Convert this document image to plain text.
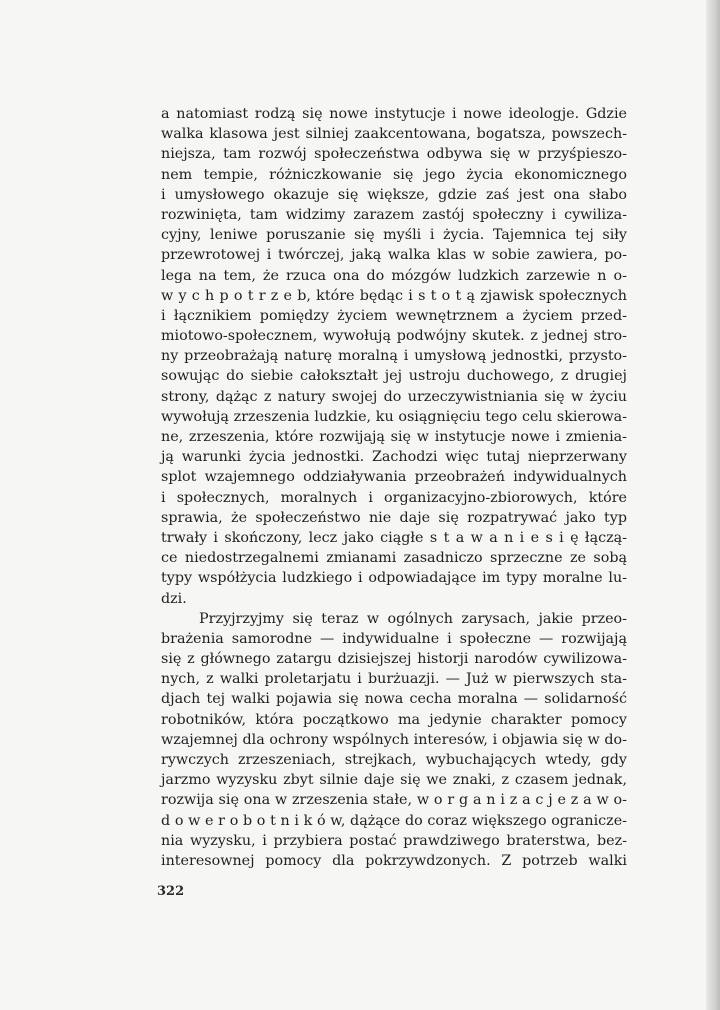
a natomiast rodzą się nowe instytucje i nowe ideologje. Gdzie
walka klasowa jest silniej zaakcentowana, bogatsza, powszech-
niejsza, tam rozwój społeczeństwa odbywa się w przyśpieszo-
nem tempie, różniczkowanie się jego życia ekonomicznego
i umysłowego okazuje się większe, gdzie zaś jest ona słabo
rozwinięta, tam widzimy zarazem zastój społeczny i cywiliza-
cyjny, leniwe poruszanie się myśli i życia. Tajemnica tej siły
przewrotowej i twórczej, jaką walka klas w sobie zawiera, po-
lega na tem, że rzuca ona do mózgów ludzkich zarzewie n o-
w y c h p o t r z e b, które będąc i s t o t ą zjawisk społecznych
i łącznikiem pomiędzy życiem wewnętrznem a życiem przed-
miotowo-społecznem, wywołują podwójny skutek. z jednej stro-
ny przeobrażają naturę moralną i umysłową jednostki, przysto-
sowując do siebie całokształt jej ustroju duchowego, z drugiej
strony, dążąc z natury swojej do urzeczywistniania się w życiu
wywołują zrzeszenia ludzkie, ku osiągnięciu tego celu skierowa-
ne, zrzeszenia, które rozwijają się w instytucje nowe i zmienia-
ją warunki życia jednostki. Zachodzi więc tutaj nieprzerwany
splot wzajemnego oddziaływania przeobrażeń indywidualnych
i społecznych, moralnych i organizacyjno-zbiorowych, które
sprawia, że społeczeństwo nie daje się rozpatrywać jako typ
trwały i skończony, lecz jako ciągłe s t a w a n i e s i ę łączą-
ce niedostrzegalnemi zmianami zasadniczo sprzeczne ze sobą
typy współżycia ludzkiego i odpowiadające im typy moralne lu-
dzi.
Przyjrzyjmy się teraz w ogólnych zarysach, jakie przeo-
brażenia samorodne — indywidualne i społeczne — rozwijają
się z głównego zatargu dzisiejszej historji narodów cywilizowa-
nych, z walki proletarjatu i burżuazji. — Już w pierwszych sta-
djach tej walki pojawia się nowa cecha moralna — solidarność
robotników, która początkowo ma jedynie charakter pomocy
wzajemnej dla ochrony wspólnych interesów, i objawia się w do-
rywczych zrzeszeniach, strejkach, wybuchających wtedy, gdy
jarzmo wyzysku zbyt silnie daje się we znaki, z czasem jednak,
rozwija się ona w zrzeszenia stałe, w o r g a n i z a c j e z a w o-
d o w e r o b o t n i k ó w, dążące do coraz większego ogranicze-
nia wyzysku, i przybiera postać prawdziwego braterstwa, bez-
interesownej pomocy dla pokrzywdzonych. Z potrzeb walki
322
